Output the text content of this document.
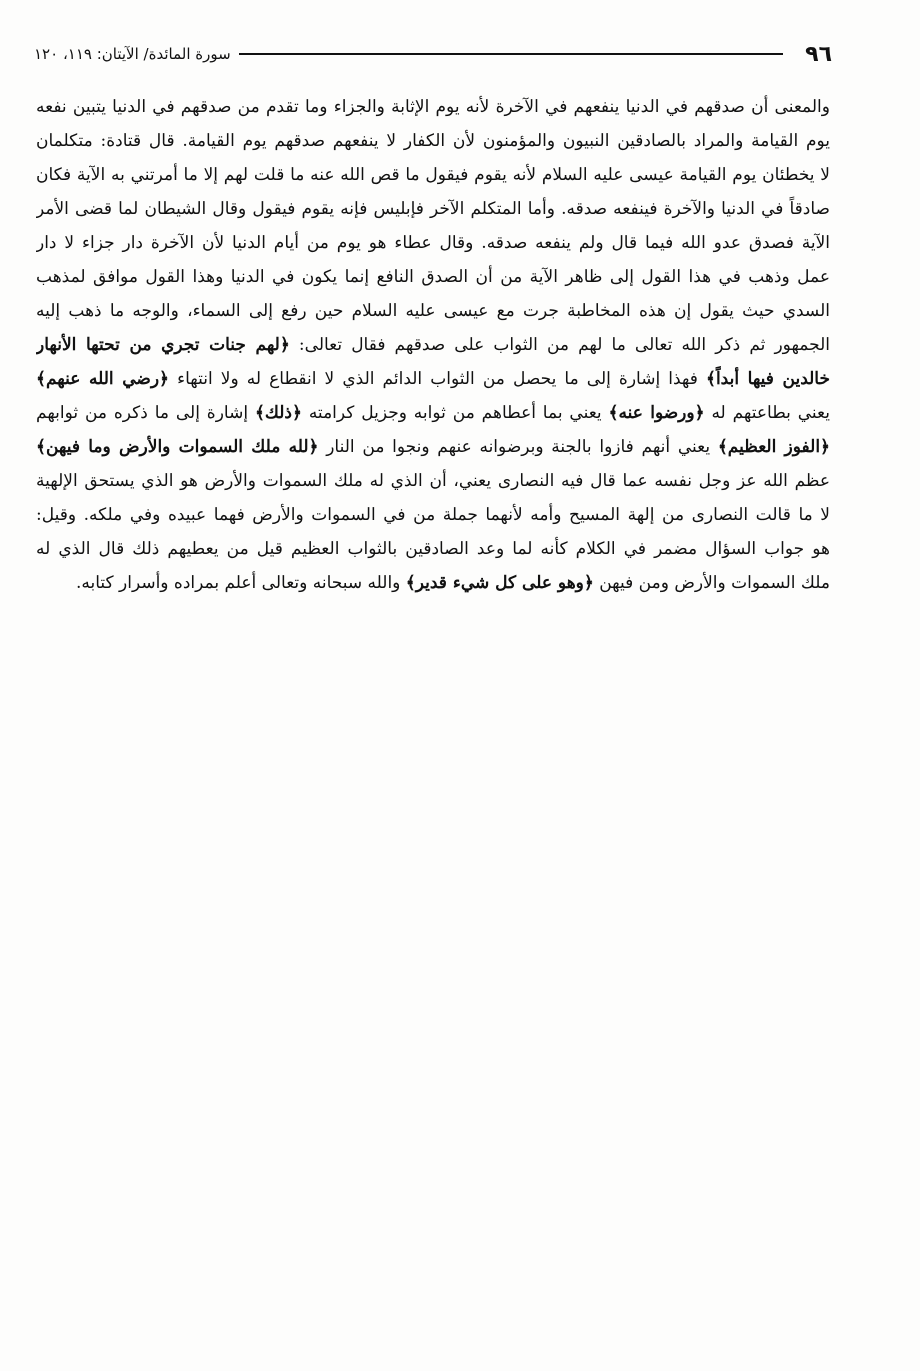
٩٦
سورة المائدة/ الآيتان: ١١٩، ١٢٠
والمعنى أن صدقهم في الدنيا ينفعهم في الآخرة لأنه يوم الإثابة والجزاء وما تقدم من صدقهم في الدنيا يتبين نفعه
يوم القيامة والمراد بالصادقين النبيون والمؤمنون لأن الكفار لا ينفعهم صدقهم يوم القيامة. قال قتادة: متكلمان
لا يخطئان يوم القيامة عيسى عليه السلام لأنه يقوم فيقول ما قص الله عنه ما قلت لهم إلا ما أمرتني به الآية فكان
صادقاً في الدنيا والآخرة فينفعه صدقه. وأما المتكلم الآخر فإبليس فإنه يقوم فيقول وقال الشيطان لما قضى الأمر
الآية فصدق عدو الله فيما قال ولم ينفعه صدقه. وقال عطاء هو يوم من أيام الدنيا لأن الآخرة دار جزاء لا دار
عمل وذهب في هذا القول إلى ظاهر الآية من أن الصدق النافع إنما يكون في الدنيا وهذا القول موافق لمذهب
السدي حيث يقول إن هذه المخاطبة جرت مع عيسى عليه السلام حين رفع إلى السماء، والوجه ما ذهب إليه
الجمهور ثم ذكر الله تعالى ما لهم من الثواب على صدقهم فقال تعالى: ﴿لهم جنات تجري من تحتها الأنهار
خالدين فيها أبداً﴾ فهذا إشارة إلى ما يحصل من الثواب الدائم الذي لا انقطاع له ولا انتهاء ﴿رضي الله عنهم﴾
يعني بطاعتهم له ﴿ورضوا عنه﴾ يعني بما أعطاهم من ثوابه وجزيل كرامته ﴿ذلك﴾ إشارة إلى ما ذكره من ثوابهم
﴿الفوز العظيم﴾ يعني أنهم فازوا بالجنة وبرضوانه عنهم ونجوا من النار ﴿لله ملك السموات والأرض وما فيهن﴾
عظم الله عز وجل نفسه عما قال فيه النصارى يعني، أن الذي له ملك السموات والأرض هو الذي يستحق الإلهية
لا ما قالت النصارى من إلهة المسيح وأمه لأنهما جملة من في السموات والأرض فهما عبيده وفي ملكه. وقيل:
هو جواب السؤال مضمر في الكلام كأنه لما وعد الصادقين بالثواب العظيم قيل من يعطيهم ذلك قال الذي له
ملك السموات والأرض ومن فيهن ﴿وهو على كل شيء قدير﴾ والله سبحانه وتعالى أعلم بمراده وأسرار كتابه.
